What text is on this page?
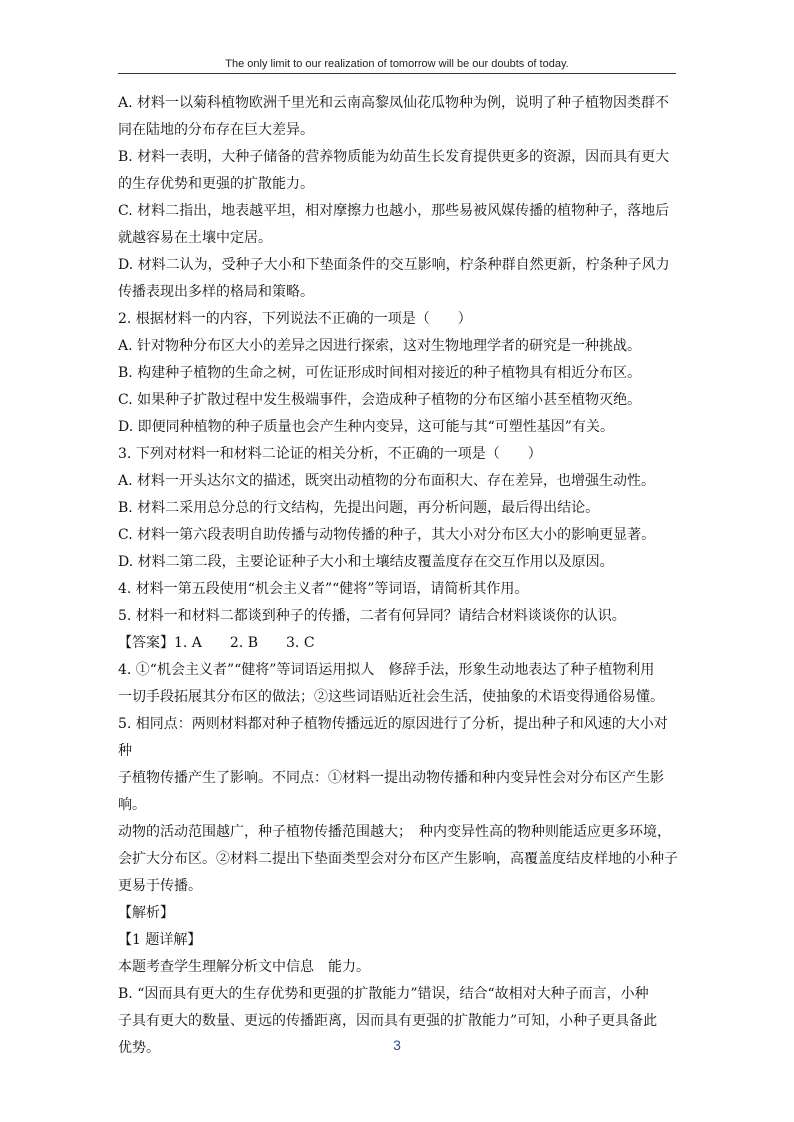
The only limit to our realization of tomorrow will be our doubts of today.

A. 材料一以菊科植物欧洲千里光和云南高黎凤仙花瓜物种为例，说明了种子植物因类群不

同在陆地的分布存在巨大差异。

B. 材料一表明，大种子储备的营养物质能为幼苗生长发育提供更多的资源，因而具有更大

的生存优势和更强的扩散能力。

C. 材料二指出，地表越平坦，相对摩擦力也越小，那些易被风媒传播的植物种子，落地后

就越容易在土壤中定居。

D. 材料二认为，受种子大小和下垫面条件的交互影响，柠条种群自然更新，柠条种子风力

传播表现出多样的格局和策略。

2. 根据材料一的内容，下列说法不正确的一项是（　　）

A. 针对物种分布区大小的差异之因进行探索，这对生物地理学者的研究是一种挑战。

B. 构建种子植物的生命之树，可佐证形成时间相对接近的种子植物具有相近分布区。

C. 如果种子扩散过程中发生极端事件，会造成种子植物的分布区缩小甚至植物灭绝。

D. 即便同种植物的种子质量也会产生种内变异，这可能与其“可塑性基因”有关。

3. 下列对材料一和材料二论证的相关分析，不正确的一项是（　　）

A. 材料一开头达尔文的描述，既突出动植物的分布面积大、存在差异，也增强生动性。

B. 材料二采用总分总的行文结构，先提出问题，再分析问题，最后得出结论。

C. 材料一第六段表明自助传播与动物传播的种子，其大小对分布区大小的影响更显著。

D. 材料二第二段，主要论证种子大小和土壤结皮覆盖度存在交互作用以及原因。

4. 材料一第五段使用“机会主义者”“健将”等词语，请简析其作用。

5. 材料一和材料二都谈到种子的传播，二者有何异同？请结合材料谈谈你的认识。

【答案】1. A　　2. B　　3. C

4. ①“机会主义者”“健将”等词语运用拟人　修辞手法，形象生动地表达了种子植物利用

一切手段拓展其分布区的做法；②这些词语贴近社会生活，使抽象的术语变得通俗易懂。

5. 相同点：两则材料都对种子植物传播远近的原因进行了分析，提出种子和风速的大小对种

子植物传播产生了影响。不同点：①材料一提出动物传播和种内变异性会对分布区产生影响。

动物的活动范围越广，种子植物传播范围越大；　种内变异性高的物种则能适应更多环境，

会扩大分布区。②材料二提出下垫面类型会对分布区产生影响，高覆盖度结皮样地的小种子

更易于传播。

【解析】

【1 题详解】

本题考查学生理解分析文中信息　能力。

B. “因而具有更大的生存优势和更强的扩散能力”错误，结合“故相对大种子而言，小种

子具有更大的数量、更远的传播距离，因而具有更强的扩散能力”可知，小种子更具备此

优势。	3
